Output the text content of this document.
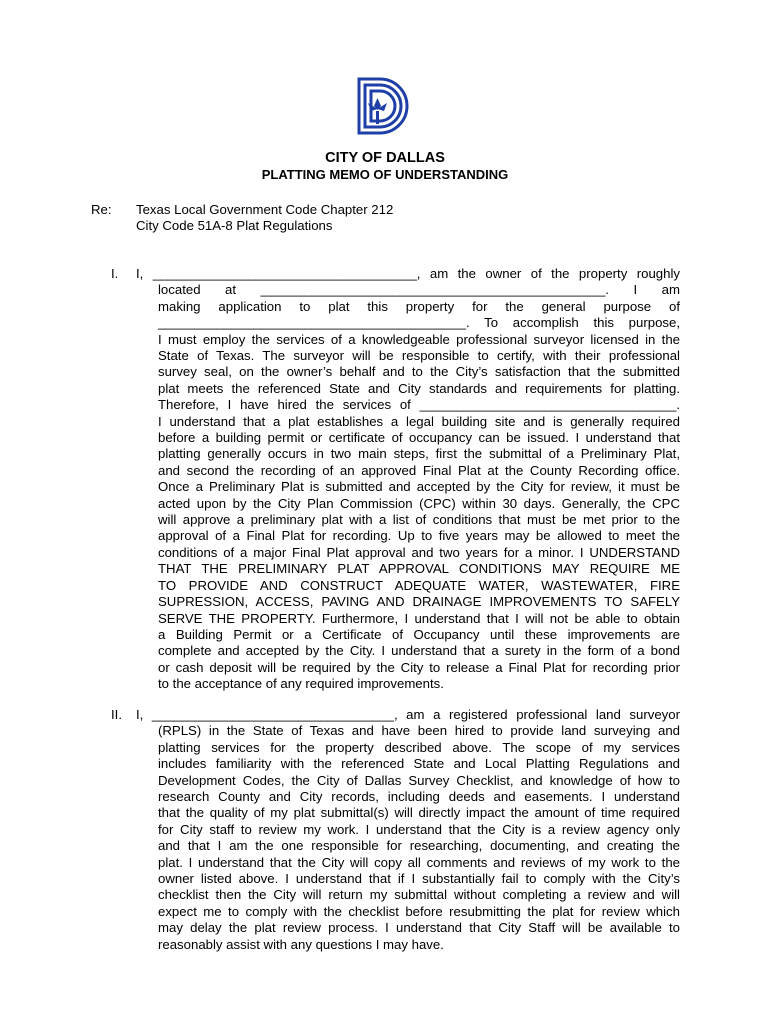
CITY OF DALLAS
PLATTING MEMO OF UNDERSTANDING
Re: Texas Local Government Code Chapter 212
City Code 51A-8 Plat Regulations
I. I, ____________________________________, am the owner of the property roughly
located at _______________________________________________. I am
making application to plat this property for the general purpose of
__________________________________________. To accomplish this purpose,
I must employ the services of a knowledgeable professional surveyor licensed in the
State of Texas. The surveyor will be responsible to certify, with their professional
survey seal, on the owner’s behalf and to the City’s satisfaction that the submitted
plat meets the referenced State and City standards and requirements for platting.
Therefore, I have hired the services of ___________________________________.
I understand that a plat establishes a legal building site and is generally required
before a building permit or certificate of occupancy can be issued. I understand that
platting generally occurs in two main steps, first the submittal of a Preliminary Plat,
and second the recording of an approved Final Plat at the County Recording office.
Once a Preliminary Plat is submitted and accepted by the City for review, it must be
acted upon by the City Plan Commission (CPC) within 30 days. Generally, the CPC
will approve a preliminary plat with a list of conditions that must be met prior to the
approval of a Final Plat for recording. Up to five years may be allowed to meet the
conditions of a major Final Plat approval and two years for a minor. I UNDERSTAND
THAT THE PRELIMINARY PLAT APPROVAL CONDITIONS MAY REQUIRE ME
TO PROVIDE AND CONSTRUCT ADEQUATE WATER, WASTEWATER, FIRE
SUPRESSION, ACCESS, PAVING AND DRAINAGE IMPROVEMENTS TO SAFELY
SERVE THE PROPERTY. Furthermore, I understand that I will not be able to obtain
a Building Permit or a Certificate of Occupancy until these improvements are
complete and accepted by the City. I understand that a surety in the form of a bond
or cash deposit will be required by the City to release a Final Plat for recording prior
to the acceptance of any required improvements.
II. I, _________________________________, am a registered professional land surveyor
(RPLS) in the State of Texas and have been hired to provide land surveying and
platting services for the property described above. The scope of my services
includes familiarity with the referenced State and Local Platting Regulations and
Development Codes, the City of Dallas Survey Checklist, and knowledge of how to
research County and City records, including deeds and easements. I understand
that the quality of my plat submittal(s) will directly impact the amount of time required
for City staff to review my work. I understand that the City is a review agency only
and that I am the one responsible for researching, documenting, and creating the
plat. I understand that the City will copy all comments and reviews of my work to the
owner listed above. I understand that if I substantially fail to comply with the City’s
checklist then the City will return my submittal without completing a review and will
expect me to comply with the checklist before resubmitting the plat for review which
may delay the plat review process. I understand that City Staff will be available to
reasonably assist with any questions I may have.
